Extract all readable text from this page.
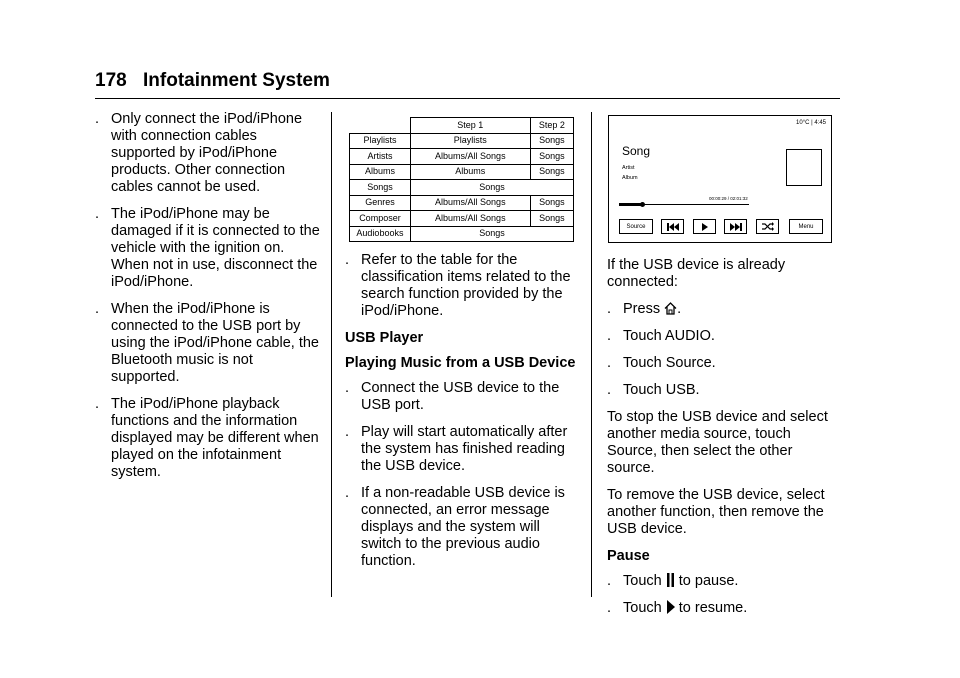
178 Infotainment System
. Only connect the iPod/iPhone
with connection cables
supported by iPod/iPhone
products. Other connection
cables cannot be used.
. The iPod/iPhone may be
damaged if it is connected to the
vehicle with the ignition on.
When not in use, disconnect the
iPod/iPhone.
. When the iPod/iPhone is
connected to the USB port by
using the iPod/iPhone cable, the
Bluetooth music is not
supported.
. The iPod/iPhone playback
functions and the information
displayed may be different when
played on the infotainment
system.
	Step 1	Step 2
Playlists	Playlists	Songs
Artists	Albums/All Songs	Songs
Albums	Albums	Songs
Songs	Songs	
Genres	Albums/All Songs	Songs
Composer	Albums/All Songs	Songs
Audiobooks	Songs	
. Refer to the table for the
classification items related to the
search function provided by the
iPod/iPhone.
USB Player
Playing Music from a USB Device
. Connect the USB device to the
USB port.
. Play will start automatically after
the system has finished reading
the USB device.
. If a non-readable USB device is
connected, an error message
displays and the system will
switch to the previous audio
function.
10°C | 4:45
Song
Artist
Album
00:00:29 / 02:01:32
Source	Menu
If the USB device is already
connected:
. Press .
. Touch AUDIO.
. Touch Source.
. Touch USB.
To stop the USB device and select
another media source, touch
Source, then select the other
source.
To remove the USB device, select
another function, then remove the
USB device.
Pause
. Touch  to pause.
. Touch  to resume.
